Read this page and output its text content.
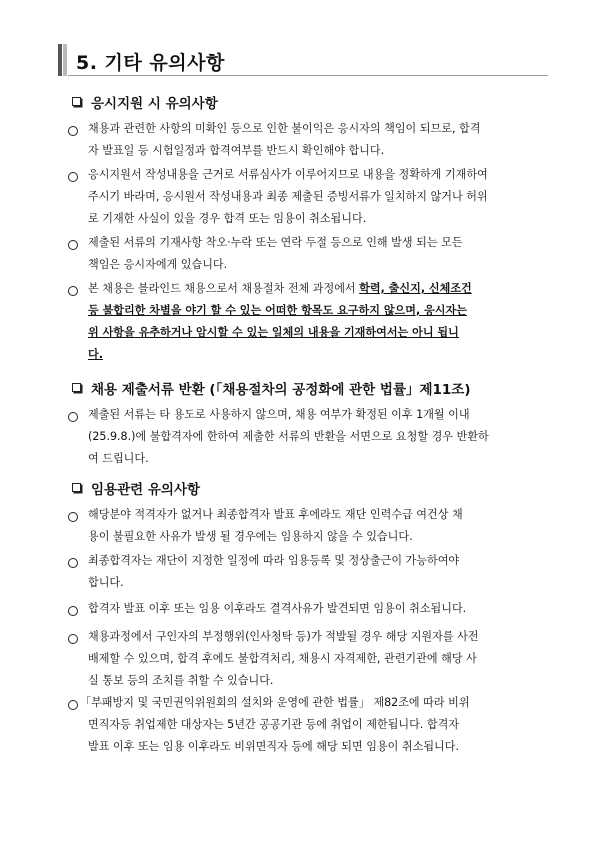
5. 기타 유의사항
응시지원 시 유의사항
채용과 관련한 사항의 미확인 등으로 인한 불이익은 응시자의 책임이 되므로, 합격
자 발표일 등 시험일정과 합격여부를 반드시 확인해야 합니다.
응시지원서 작성내용을 근거로 서류심사가 이루어지므로 내용을 정확하게 기재하여
주시기 바라며, 응시원서 작성내용과 최종 제출된 증빙서류가 일치하지 않거나 허위
로 기재한 사실이 있을 경우 합격 또는 임용이 취소됩니다.
제출된 서류의 기재사항 착오·누락 또는 연락 두절 등으로 인해 발생 되는 모든
책임은 응시자에게 있습니다.
본 채용은 블라인드 채용으로서 채용절차 전체 과정에서 학력, 출신지, 신체조건
등 불합리한 차별을 야기 할 수 있는 어떠한 항목도 요구하지 않으며, 응시자는
위 사항을 유추하거나 암시할 수 있는 일체의 내용을 기재하여서는 아니 됩니
다.
채용 제출서류 반환 (「채용절차의 공정화에 관한 법률」제11조)
제출된 서류는 타 용도로 사용하지 않으며, 채용 여부가 확정된 이후 1개월 이내
(25.9.8.)에 불합격자에 한하여 제출한 서류의 반환을 서면으로 요청할 경우 반환하
여 드립니다.
임용관련 유의사항
해당분야 적격자가 없거나 최종합격자 발표 후에라도 재단 인력수급 여건상 채
용이 불필요한 사유가 발생 될 경우에는 임용하지 않을 수 있습니다.
최종합격자는 재단이 지정한 일정에 따라 임용등록 및 정상출근이 가능하여야
합니다.
합격자 발표 이후 또는 임용 이후라도 결격사유가 발견되면 임용이 취소됩니다.
채용과정에서 구인자의 부정행위(인사청탁 등)가 적발될 경우 해당 지원자를 사전
배제할 수 있으며, 합격 후에도 불합격처리, 채용시 자격제한, 관련기관에 해당 사
실 통보 등의 조치를 취할 수 있습니다.
「부패방지 및 국민권익위원회의 설치와 운영에 관한 법률」 제82조에 따라 비위
면직자등 취업제한 대상자는 5년간 공공기관 등에 취업이 제한됩니다. 합격자
발표 이후 또는 임용 이후라도 비위면직자 등에 해당 되면 임용이 취소됩니다.
